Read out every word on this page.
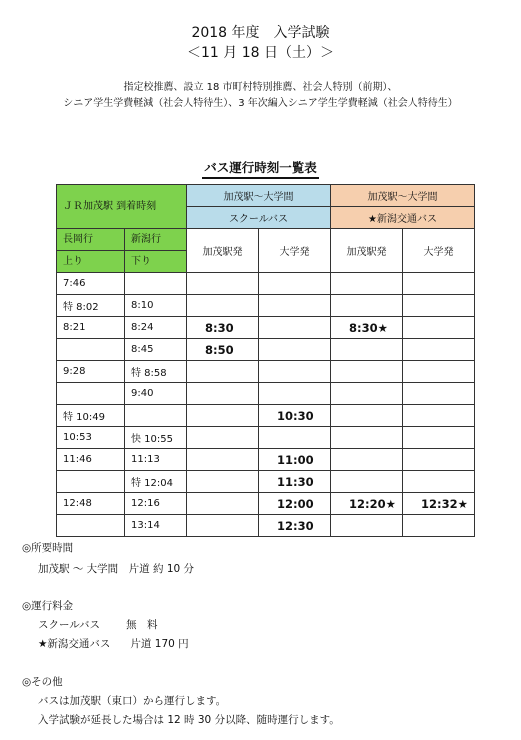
2018 年度　入学試験
＜11 月 18 日（土）＞
指定校推薦、設立 18 市町村特別推薦、社会人特別（前期）、
シニア学生学費軽減（社会人特待生）、3 年次編入シニア学生学費軽減（社会人特待生）
バス運行時刻一覧表
ＪＲ加茂駅 到着時刻		加茂駅～大学間		加茂駅～大学間	
		スクールバス		★新潟交通バス	

長岡行	新潟行	加茂駅発	大学発	加茂駅発	大学発
上り	下り				
7:46					
特 8:02	8:10				
8:21	8:24	8:30		8:30★	
	8:45	8:50			
9:28	特 8:58				
	9:40				
特 10:49			10:30		
10:53	快 10:55				
11:46	11:13		11:00		
	特 12:04		11:30		
12:48	12:16		12:00	12:20★	12:32★
	13:14		12:30		
◎所要時間
加茂駅 〜 大学間　片道 約 10 分
◎運行料金
スクールバス 無　料
★新潟交通バス 片道 170 円
◎その他
バスは加茂駅（東口）から運行します。
入学試験が延長した場合は 12 時 30 分以降、随時運行します。
